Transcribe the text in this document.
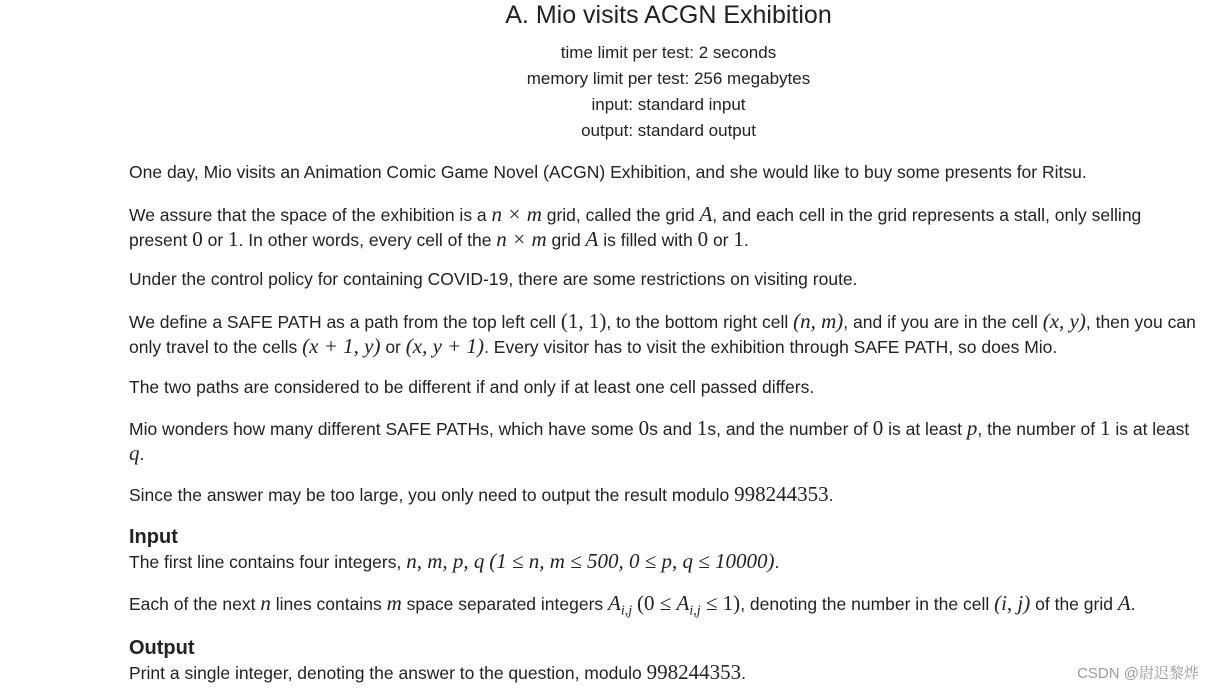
A. Mio visits ACGN Exhibition
time limit per test: 2 seconds
memory limit per test: 256 megabytes
input: standard input
output: standard output
One day, Mio visits an Animation Comic Game Novel (ACGN) Exhibition, and she would like to buy some presents for Ritsu.
We assure that the space of the exhibition is a n × m grid, called the grid A, and each cell in the grid represents a stall, only selling present 0 or 1. In other words, every cell of the n × m grid A is filled with 0 or 1.
Under the control policy for containing COVID-19, there are some restrictions on visiting route.
We define a SAFE PATH as a path from the top left cell (1, 1), to the bottom right cell (n, m), and if you are in the cell (x, y), then you can only travel to the cells (x + 1, y) or (x, y + 1). Every visitor has to visit the exhibition through SAFE PATH, so does Mio.
The two paths are considered to be different if and only if at least one cell passed differs.
Mio wonders how many different SAFE PATHs, which have some 0s and 1s, and the number of 0 is at least p, the number of 1 is at least q.
Since the answer may be too large, you only need to output the result modulo 998244353.
Input
The first line contains four integers, n, m, p, q (1 ≤ n, m ≤ 500, 0 ≤ p, q ≤ 10000).
Each of the next n lines contains m space separated integers $A_{i,j}$ $(0 \le A_{i,j} \le 1)$, denoting the number in the cell (i, j) of the grid A.
Output
Print a single integer, denoting the answer to the question, modulo 998244353.	CSDN @尉迟黎烨
